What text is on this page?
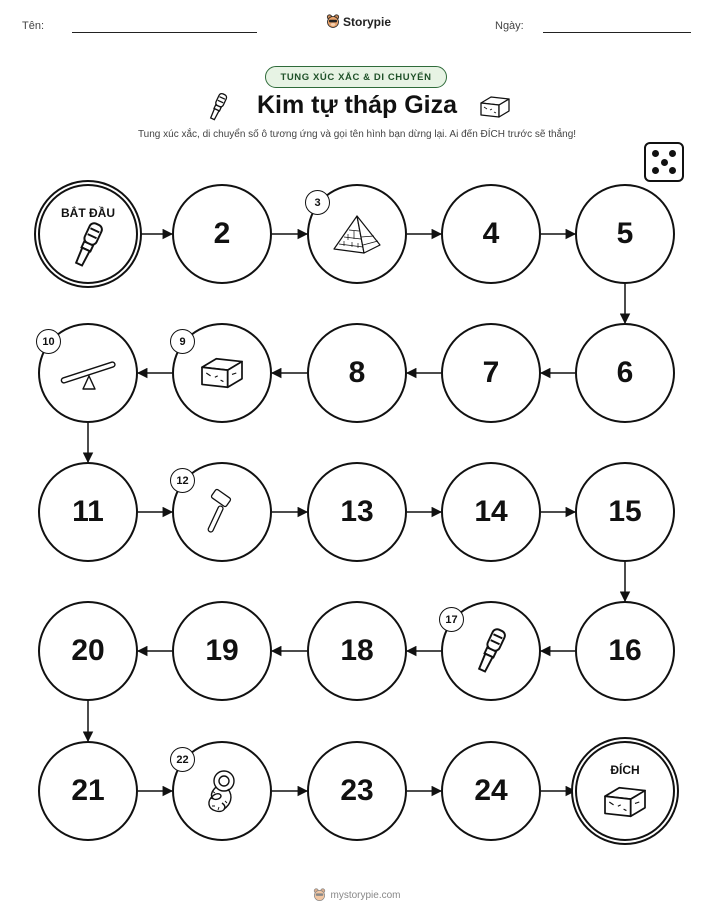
Tên:	Storypie	Ngày:
TUNG XÚC XẮC & DI CHUYỂN
Kim tự tháp Giza
Tung xúc xắc, di chuyển số ô tương ứng và gọi tên hình bạn dừng lại. Ai đến ĐÍCH trước sẽ thắng!
BẮT ĐẦU
2
3
4	5
6
7
8
9
10
11
12
13	14	15
16
17
18
19
20
21
22
23	24
ĐÍCH
mystorypie.com
